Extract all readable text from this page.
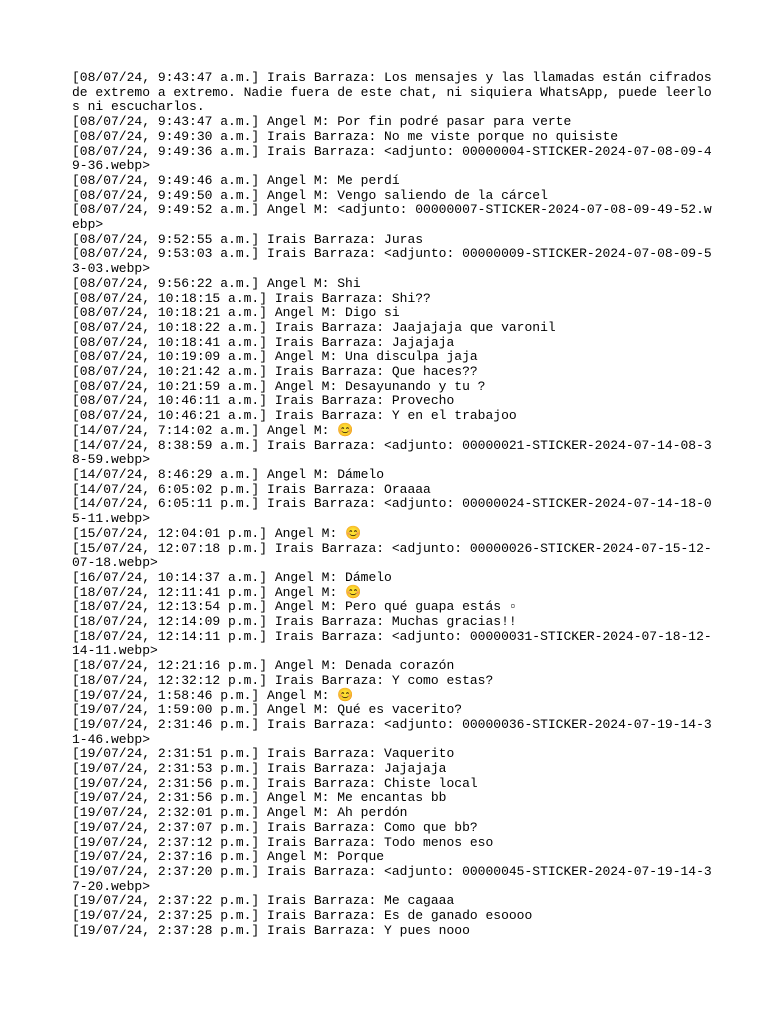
[08/07/24, 9:43:47 a.m.] Irais Barraza: Los mensajes y las llamadas están cifrados de extremo a extremo. Nadie fuera de este chat, ni siquiera WhatsApp, puede leerlos ni escucharlos.
[08/07/24, 9:43:47 a.m.] Angel M: Por fin podré pasar para verte
[08/07/24, 9:49:30 a.m.] Irais Barraza: No me viste porque no quisiste
[08/07/24, 9:49:36 a.m.] Irais Barraza: <adjunto: 00000004-STICKER-2024-07-08-09-49-36.webp>
[08/07/24, 9:49:46 a.m.] Angel M: Me perdí
[08/07/24, 9:49:50 a.m.] Angel M: Vengo saliendo de la cárcel
[08/07/24, 9:49:52 a.m.] Angel M: <adjunto: 00000007-STICKER-2024-07-08-09-49-52.webp>
[08/07/24, 9:52:55 a.m.] Irais Barraza: Juras
[08/07/24, 9:53:03 a.m.] Irais Barraza: <adjunto: 00000009-STICKER-2024-07-08-09-53-03.webp>
[08/07/24, 9:56:22 a.m.] Angel M: Shi
[08/07/24, 10:18:15 a.m.] Irais Barraza: Shi??
[08/07/24, 10:18:21 a.m.] Angel M: Digo si
[08/07/24, 10:18:22 a.m.] Irais Barraza: Jaajajaja que varonil
[08/07/24, 10:18:41 a.m.] Irais Barraza: Jajajaja
[08/07/24, 10:19:09 a.m.] Angel M: Una disculpa jaja
[08/07/24, 10:21:42 a.m.] Irais Barraza: Que haces??
[08/07/24, 10:21:59 a.m.] Angel M: Desayunando y tu ?
[08/07/24, 10:46:11 a.m.] Irais Barraza: Provecho
[08/07/24, 10:46:21 a.m.] Irais Barraza: Y en el trabajoo
[14/07/24, 7:14:02 a.m.] Angel M: 😊
[14/07/24, 8:38:59 a.m.] Irais Barraza: <adjunto: 00000021-STICKER-2024-07-14-08-38-59.webp>
[14/07/24, 8:46:29 a.m.] Angel M: Dámelo
[14/07/24, 6:05:02 p.m.] Irais Barraza: Oraaaa
[14/07/24, 6:05:11 p.m.] Irais Barraza: <adjunto: 00000024-STICKER-2024-07-14-18-05-11.webp>
[15/07/24, 12:04:01 p.m.] Angel M: 😊
[15/07/24, 12:07:18 p.m.] Irais Barraza: <adjunto: 00000026-STICKER-2024-07-15-12-07-18.webp>
[16/07/24, 10:14:37 a.m.] Angel M: Dámelo
[18/07/24, 12:11:41 p.m.] Angel M: 😊
[18/07/24, 12:13:54 p.m.] Angel M: Pero qué guapa estás ▫
[18/07/24, 12:14:09 p.m.] Irais Barraza: Muchas gracias!!
[18/07/24, 12:14:11 p.m.] Irais Barraza: <adjunto: 00000031-STICKER-2024-07-18-12-14-11.webp>
[18/07/24, 12:21:16 p.m.] Angel M: Denada corazón
[18/07/24, 12:32:12 p.m.] Irais Barraza: Y como estas?
[19/07/24, 1:58:46 p.m.] Angel M: 😊
[19/07/24, 1:59:00 p.m.] Angel M: Qué es vacerito?
[19/07/24, 2:31:46 p.m.] Irais Barraza: <adjunto: 00000036-STICKER-2024-07-19-14-31-46.webp>
[19/07/24, 2:31:51 p.m.] Irais Barraza: Vaquerito
[19/07/24, 2:31:53 p.m.] Irais Barraza: Jajajaja
[19/07/24, 2:31:56 p.m.] Irais Barraza: Chiste local
[19/07/24, 2:31:56 p.m.] Angel M: Me encantas bb
[19/07/24, 2:32:01 p.m.] Angel M: Ah perdón
[19/07/24, 2:37:07 p.m.] Irais Barraza: Como que bb?
[19/07/24, 2:37:12 p.m.] Irais Barraza: Todo menos eso
[19/07/24, 2:37:16 p.m.] Angel M: Porque
[19/07/24, 2:37:20 p.m.] Irais Barraza: <adjunto: 00000045-STICKER-2024-07-19-14-37-20.webp>
[19/07/24, 2:37:22 p.m.] Irais Barraza: Me cagaaa
[19/07/24, 2:37:25 p.m.] Irais Barraza: Es de ganado esoooo
[19/07/24, 2:37:28 p.m.] Irais Barraza: Y pues nooo
